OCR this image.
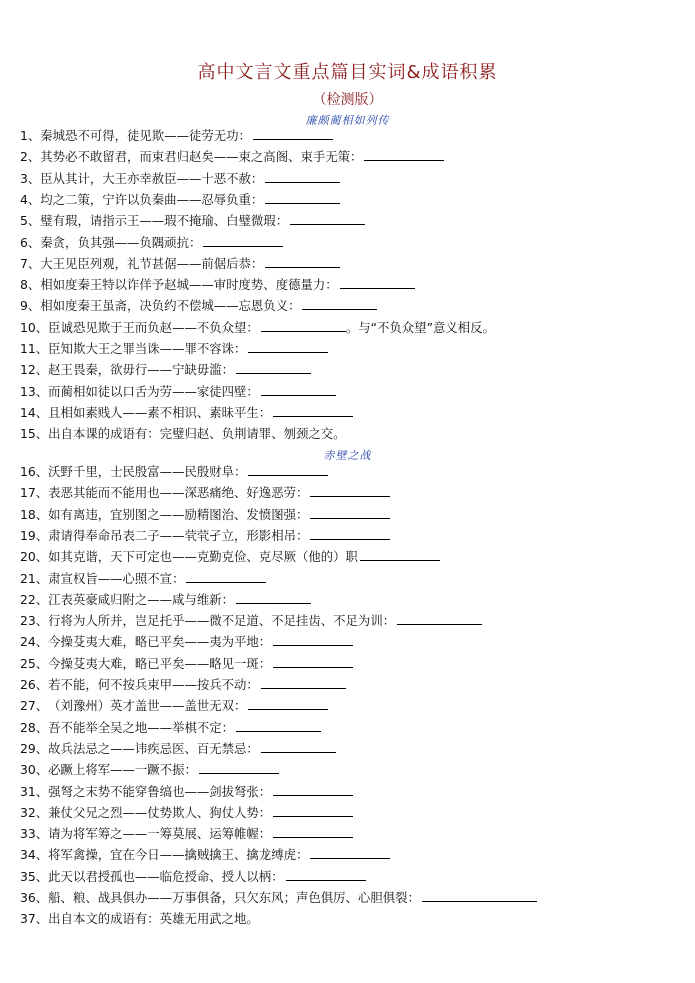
高中文言文重点篇目实词&成语积累
（检测版）
廉颇蔺相如列传
1、秦城恐不可得，徒见欺——徒劳无功：
2、其势必不敢留君，而束君归赵矣——束之高阁、束手无策：
3、臣从其计，大王亦幸赦臣——十恶不赦：
4、均之二策，宁许以负秦曲——忍辱负重：
5、璧有瑕，请指示王——瑕不掩瑜、白璧微瑕：
6、秦贪，负其强——负隅顽抗：
7、大王见臣列观，礼节甚倨——前倨后恭：
8、相如度秦王特以诈佯予赵城——审时度势、度德量力：
9、相如度秦王虽斋，决负约不偿城——忘恩负义：
10、臣诚恐见欺于王而负赵——不负众望：	。与“不负众望”意义相反。
11、臣知欺大王之罪当诛——罪不容诛：
12、赵王畏秦，欲毋行——宁缺毋滥：
13、而蔺相如徒以口舌为劳——家徒四壁：
14、且相如素贱人——素不相识、素昧平生：
15、出自本课的成语有：完璧归赵、负荆请罪、刎颈之交。
赤壁之战
16、沃野千里，士民殷富——民殷财阜：
17、表恶其能而不能用也——深恶痛绝、好逸恶劳：
18、如有离违，宜别图之——励精图治、发愤图强：
19、肃请得奉命吊表二子——茕茕孑立，形影相吊：
20、如其克谐，天下可定也——克勤克俭、克尽厥（他的）职
21、肃宣权旨——心照不宣：
22、江表英豪咸归附之——咸与维新：
23、行将为人所并，岂足托乎——微不足道、不足挂齿、不足为训：
24、今操芟夷大难，略已平矣——夷为平地：
25、今操芟夷大难，略已平矣——略见一斑：
26、若不能，何不按兵束甲——按兵不动：
27、（刘豫州）英才盖世——盖世无双：
28、吾不能举全吴之地——举棋不定：
29、故兵法忌之——讳疾忌医、百无禁忌：
30、必蹶上将军——一蹶不振：
31、强弩之末势不能穿鲁缟也——剑拔弩张：
32、兼仗父兄之烈——仗势欺人、狗仗人势：
33、请为将军筹之——一筹莫展、运筹帷幄：
34、将军禽操，宜在今日——擒贼擒王、擒龙缚虎：
35、此天以君授孤也——临危授命、授人以柄：
36、船、粮、战具俱办——万事俱备，只欠东风；声色俱厉、心胆俱裂：
37、出自本文的成语有：英雄无用武之地。
